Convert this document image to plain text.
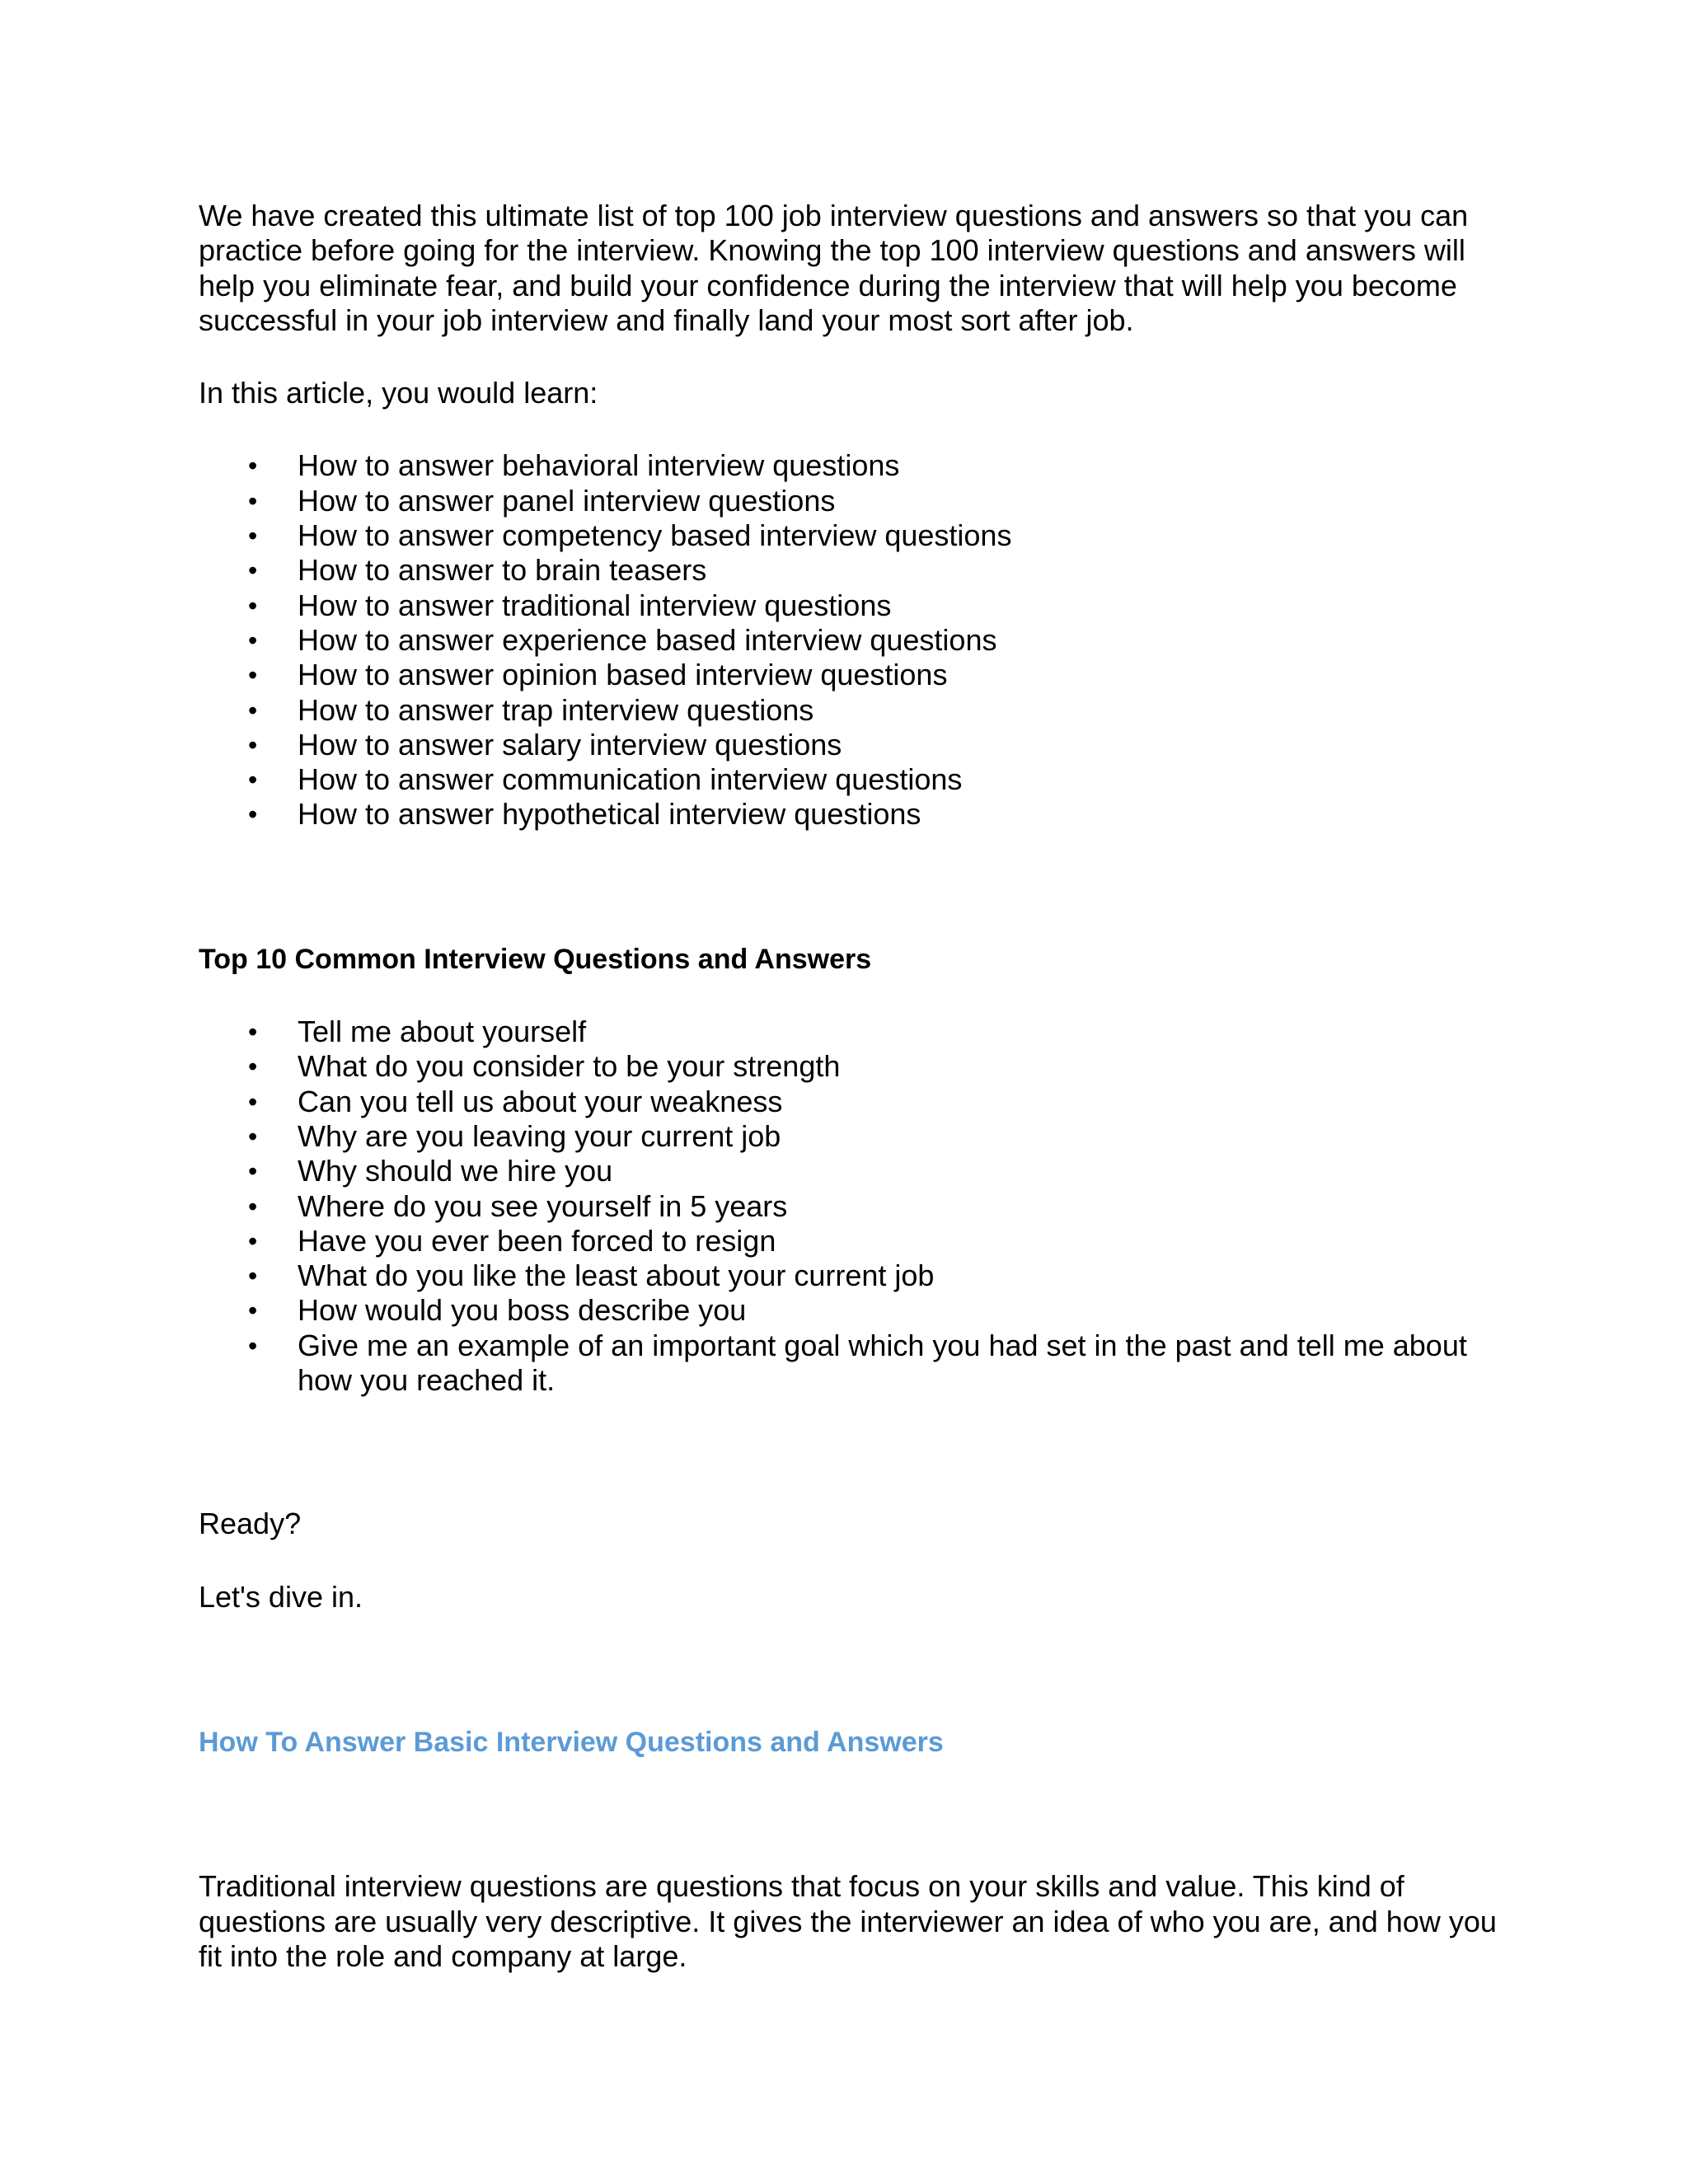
We have created this ultimate list of top 100 job interview questions and answers so that you can practice before going for the interview. Knowing the top 100 interview questions and answers will help you eliminate fear, and build your confidence during the interview that will help you become successful in your job interview and finally land your most sort after job.

In this article, you would learn:

• How to answer behavioral interview questions
• How to answer panel interview questions
• How to answer competency based interview questions
• How to answer to brain teasers
• How to answer traditional interview questions
• How to answer experience based interview questions
• How to answer opinion based interview questions
• How to answer trap interview questions
• How to answer salary interview questions
• How to answer communication interview questions
• How to answer hypothetical interview questions

Top 10 Common Interview Questions and Answers

• Tell me about yourself
• What do you consider to be your strength
• Can you tell us about your weakness
• Why are you leaving your current job
• Why should we hire you
• Where do you see yourself in 5 years
• Have you ever been forced to resign
• What do you like the least about your current job
• How would you boss describe you
• Give me an example of an important goal which you had set in the past and tell me about how you reached it.

Ready?

Let's dive in.

How To Answer Basic Interview Questions and Answers

Traditional interview questions are questions that focus on your skills and value. This kind of questions are usually very descriptive. It gives the interviewer an idea of who you are, and how you fit into the role and company at large.
